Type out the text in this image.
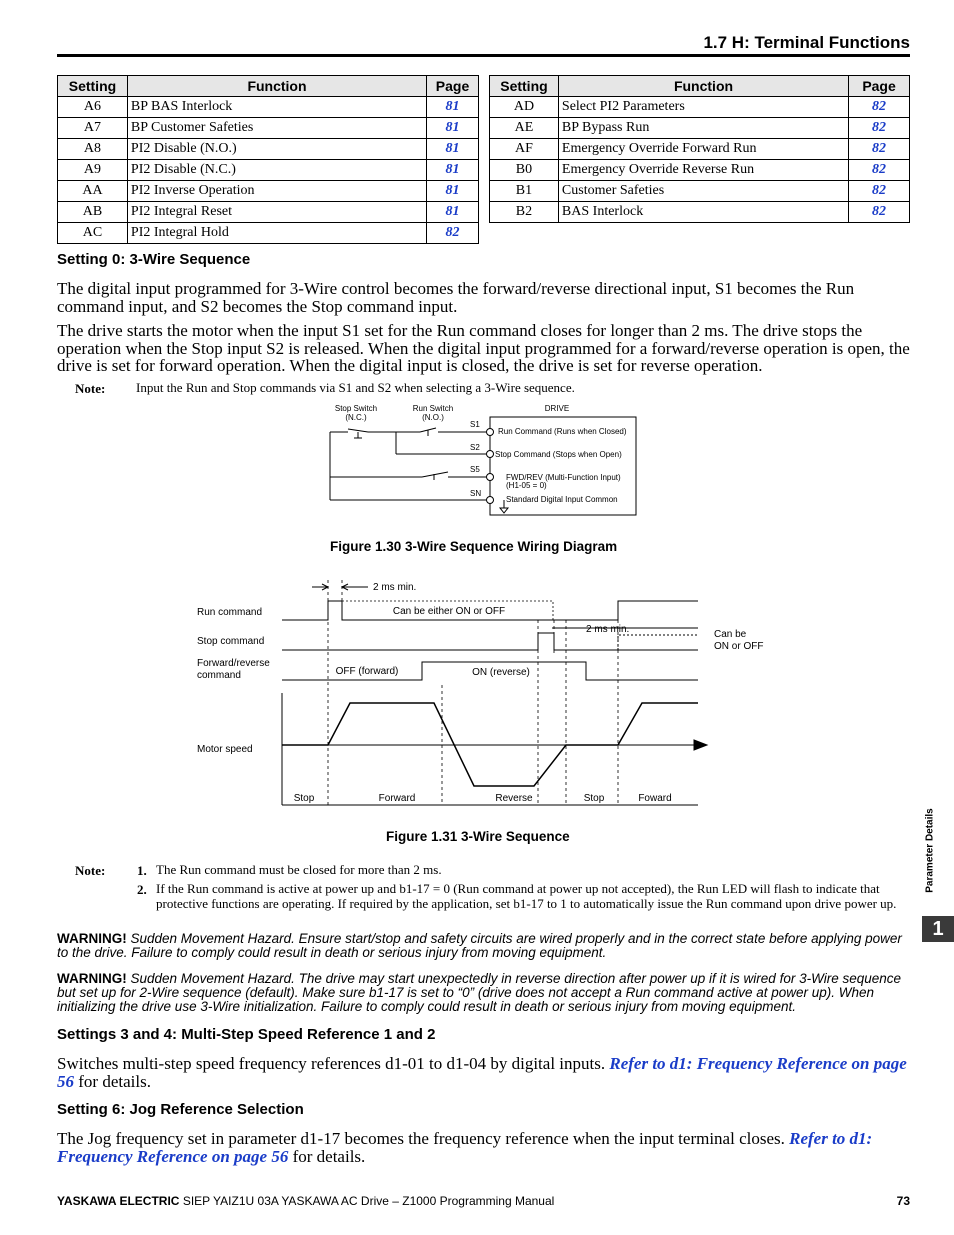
1.7 H: Terminal Functions
Setting	Function	Page
A6	BP BAS Interlock	81
A7	BP Customer Safeties	81
A8	PI2 Disable (N.O.)	81
A9	PI2 Disable (N.C.)	81
AA	PI2 Inverse Operation	81
AB	PI2 Integral Reset	81
AC	PI2 Integral Hold	82
Setting	Function	Page
AD	Select PI2 Parameters	82
AE	BP Bypass Run	82
AF	Emergency Override Forward Run	82
B0	Emergency Override Reverse Run	82
B1	Customer Safeties	82
B2	BAS Interlock	82
Setting 0: 3-Wire Sequence
The digital input programmed for 3-Wire control becomes the forward/reverse directional input, S1 becomes the Run command input, and S2 becomes the Stop command input.
The drive starts the motor when the input S1 set for the Run command closes for longer than 2 ms. The drive stops the operation when the Stop input S2 is released. When the digital input programmed for a forward/reverse operation is open, the drive is set for forward operation. When the digital input is closed, the drive is set for reverse operation.
Note: Input the Run and Stop commands via S1 and S2 when selecting a 3-Wire sequence.
Stop Switch
(N.C.)
Run Switch
(N.O.)
DRIVE
S1
S2
S5
SN
Run Command (Runs when Closed)
Stop Command (Stops when Open)
FWD/REV (Multi-Function Input)
(H1-05 = 0)
Standard Digital Input Common
Figure 1.30 3-Wire Sequence Wiring Diagram
2 ms min.
Run command	Can be either ON or OFF
Stop command
2 ms min.	Can be
ON or OFF
Forward/reverse
command	OFF (forward)	ON (reverse)
Motor speed
Stop	Forward	Reverse	Stop	Foward
Figure 1.31 3-Wire Sequence
Note: 1. The Run command must be closed for more than 2 ms.
2. If the Run command is active at power up and b1-17 = 0 (Run command at power up not accepted), the Run LED will flash to indicate that protective functions are operating. If required by the application, set b1-17 to 1 to automatically issue the Run command upon drive power up.
WARNING! Sudden Movement Hazard. Ensure start/stop and safety circuits are wired properly and in the correct state before applying power to the drive. Failure to comply could result in death or serious injury from moving equipment.
WARNING! Sudden Movement Hazard. The drive may start unexpectedly in reverse direction after power up if it is wired for 3-Wire sequence but set up for 2-Wire sequence (default). Make sure b1-17 is set to “0” (drive does not accept a Run command active at power up). When initializing the drive use 3-Wire initialization. Failure to comply could result in death or serious injury from moving equipment.
Settings 3 and 4: Multi-Step Speed Reference 1 and 2
Switches multi-step speed frequency references d1-01 to d1-04 by digital inputs. Refer to d1: Frequency Reference on page 56 for details.
Setting 6: Jog Reference Selection
The Jog frequency set in parameter d1-17 becomes the frequency reference when the input terminal closes. Refer to d1: Frequency Reference on page 56 for details.
Parameter Details
1
YASKAWA ELECTRIC SIEP YAIZ1U 03A YASKAWA AC Drive – Z1000 Programming Manual	73
